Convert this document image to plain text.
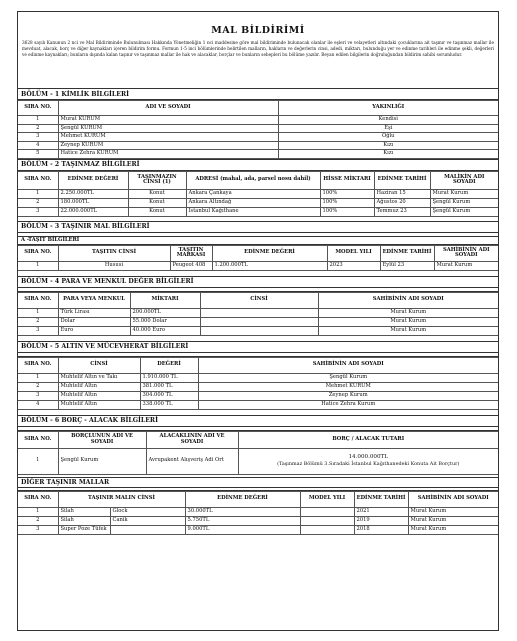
MAL BİLDİRİMİ
3628 sayılı Kanunun 2 nci ve Mal Bildiriminde Bulunulması Hakkında Yönetmeliğin 1 nci maddesine göre mal bildiriminde bulunacak olanlar ile eşleri ve velayetleri altındaki çocuklarına ait taşınır ve taşınmaz mallar ile mevduat, alacak, borç ve diğer kaynakları içeren bildirim formu. Formun 1-5 inci bölümlerinde belirtilen malların, hakların ve değerlerin cinsi, adedi, miktarı, bulunduğu yer ve edinme tarihleri ile edinme şekli, değerleri ve edinme kaynakları; bunların dışında kalan taşınır ve taşınmaz mallar ile hak ve alacaklar, borçlar ve bunların sebepleri bu bölüme yazılır. Beyan edilen bilgilerin doğruluğundan bildirim sahibi sorumludur.
BÖLÜM - 1 KİMLİK BİLGİLERİ
SIRA NO.	ADI VE SOYADI	YAKINLIĞI
1	Murat KURUM	Kendisi
2	Şengül KURUM	Eşi
3	Mehmet KURUM	Oğlu
4	Zeynep KURUM	Kızı
5	Hatice Zehra KURUM	Kızı
BÖLÜM - 2 TAŞINMAZ BİLGİLERİ
SIRA NO.	EDİNME DEĞERİ	TAŞINMAZIN CİNSİ (1)	ADRESİ (mahal, ada, parsel nosu dahil)	HİSSE MİKTARI	EDİNME TARİHİ	MALİKİN ADI SOYADI
1	2.250.000TL	Konut	Ankara Çankaya	100%	Haziran 15	Murat Kurum
2	180.000TL	Konut	Ankara Altındağ	100%	Ağustos 20	Şengül Kurum
3	22.000.000TL	Konut	İstanbul Kağıthane	100%	Temmuz 23	Şengül Kurum
BÖLÜM - 3 TAŞINIR MAL BİLGİLERİ
A -TAŞIT BİLGİLERİ
SIRA NO.	TAŞITIN CİNSİ	TAŞITIN MARKASI	EDİNME DEĞERİ	MODEL YILI	EDİNME TARİHİ	SAHİBİNİN ADI SOYADI
1	Hususi	Peugeot 408	1.200.000TL	2023	Eylül 23	Murat Kurum
BÖLÜM - 4 PARA VE MENKUL DEĞER BİLGİLERİ
SIRA NO.	PARA VEYA MENKUL	MİKTARI	CİNSİ	SAHİBİNİN ADI SOYADI
1	Türk Lirası	200.000TL		Murat Kurum
2	Dolar	55.000 Dolar		Murat Kurum
3	Euro	40.000 Euro		Murat Kurum
BÖLÜM - 5 ALTIN VE MÜCEVHERAT BİLGİLERİ
SIRA NO.	CİNSİ	DEĞERİ	SAHİBİNİN ADI SOYADI
1	Muhtelif Altın ve Takı	1.910.000 TL	Şengül Kurum
2	Muhtelif Altın	381.000 TL	Mehmet KURUM
3	Muhtelif Altın	304.000 TL	Zeynep Kurum
4	Muhtelif Altın	338.000 TL	Hatice Zehra Kurum
BÖLÜM - 6 BORÇ - ALACAK BİLGİLERİ
SIRA NO.	BORÇLUNUN ADI VE SOYADI	ALACAKLININ ADI VE SOYADI	BORÇ / ALACAK TUTARI
1	Şengül Kurum	Avrupakent Alışveriş Adi Ort	14.000.000TL
(Taşınmaz Bölümü 3.Sıradaki İstanbul Kağıthanedeki Konuta Ait Borçtur)
DİĞER TAŞINIR MALLAR
SIRA NO.	TAŞINIR MALIN CİNSİ		EDİNME DEĞERİ	MODEL YILI	EDİNME TARİHİ	SAHİBİNİN ADI SOYADI
1	Silah	Glock	30.000TL		2021	Murat Kurum
2	Silah	Canik	5.750TL		2019	Murat Kurum
3	Super Poze Tüfek		9.000TL		2018	Murat Kurum
